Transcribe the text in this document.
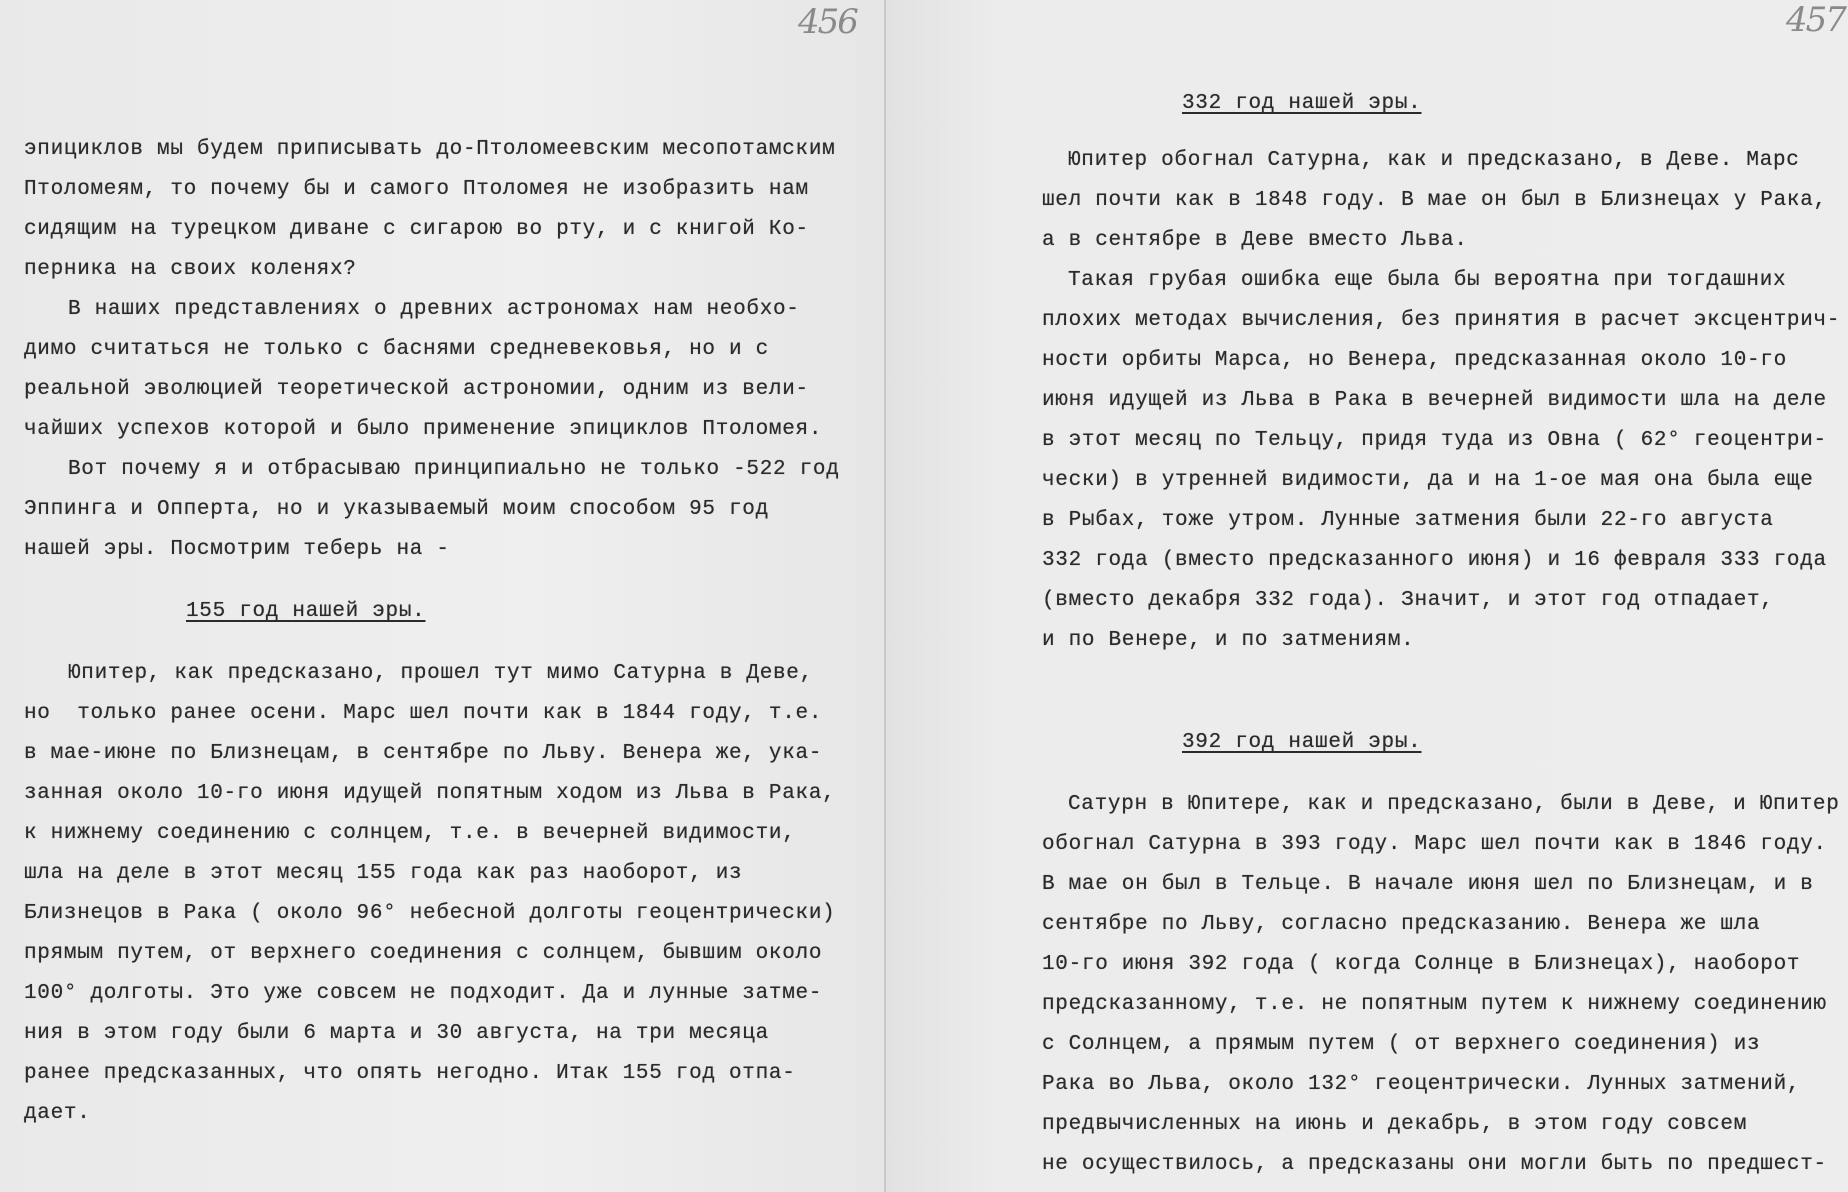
456
эпициклов мы будем приписывать до-Птоломеевским месопотамским
Птоломеям, то почему бы и самого Птоломея не изобразить нам
сидящим на турецком диване с сигарою во рту, и с книгой Ко-
перника на своих коленях?
В наших представлениях о древних астрономах нам необхо-
димо считаться не только с баснями средневековья, но и с
реальной эволюцией теоретической астрономии, одним из вели-
чайших успехов которой и было применение эпициклов Птоломея.
Вот почему я и отбрасываю принципиально не только -522 год
Эппинга и Опперта, но и указываемый моим способом 95 год
нашей эры. Посмотрим теберь на -
155 год нашей эры.
Юпитер, как предсказано, прошел тут мимо Сатурна в Деве,
но  только ранее осени. Марс шел почти как в 1844 году, т.е.
в мае-июне по Близнецам, в сентябре по Льву. Венера же, ука-
занная около 10-го июня идущей попятным ходом из Льва в Рака,
к нижнему соединению с солнцем, т.е. в вечерней видимости,
шла на деле в этот месяц 155 года как раз наоборот, из
Близнецов в Рака ( около 96° небесной долготы геоцентрически)
прямым путем, от верхнего соединения с солнцем, бывшим около
100° долготы. Это уже совсем не подходит. Да и лунные затме-
ния в этом году были 6 марта и 30 августа, на три месяца
ранее предсказанных, что опять негодно. Итак 155 год отпа-
дает.
457
332 год нашей эры.
Юпитер обогнал Сатурна, как и предсказано, в Деве. Марс
шел почти как в 1848 году. В мае он был в Близнецах у Рака,
а в сентябре в Деве вместо Льва.
Такая грубая ошибка еще была бы вероятна при тогдашних
плохих методах вычисления, без принятия в расчет эксцентрич-
ности орбиты Марса, но Венера, предсказанная около 10-го
июня идущей из Льва в Рака в вечерней видимости шла на деле
в этот месяц по Тельцу, придя туда из Овна ( 62° геоцентри-
чески) в утренней видимости, да и на 1-ое мая она была еще
в Рыбах, тоже утром. Лунные затмения были 22-го августа
332 года (вместо предсказанного июня) и 16 февраля 333 года
(вместо декабря 332 года). Значит, и этот год отпадает,
и по Венере, и по затмениям.
392 год нашей эры.
Сатурн в Юпитере, как и предсказано, были в Деве, и Юпитер
обогнал Сатурна в 393 году. Марс шел почти как в 1846 году.
В мае он был в Тельце. В начале июня шел по Близнецам, и в
сентябре по Льву, согласно предсказанию. Венера же шла
10-го июня 392 года ( когда Солнце в Близнецах), наоборот
предсказанному, т.е. не попятным путем к нижнему соединению
с Солнцем, а прямым путем ( от верхнего соединения) из
Рака во Льва, около 132° геоцентрически. Лунных затмений,
предвычисленных на июнь и декабрь, в этом году совсем
не осуществилось, а предсказаны они могли быть по предшест-
